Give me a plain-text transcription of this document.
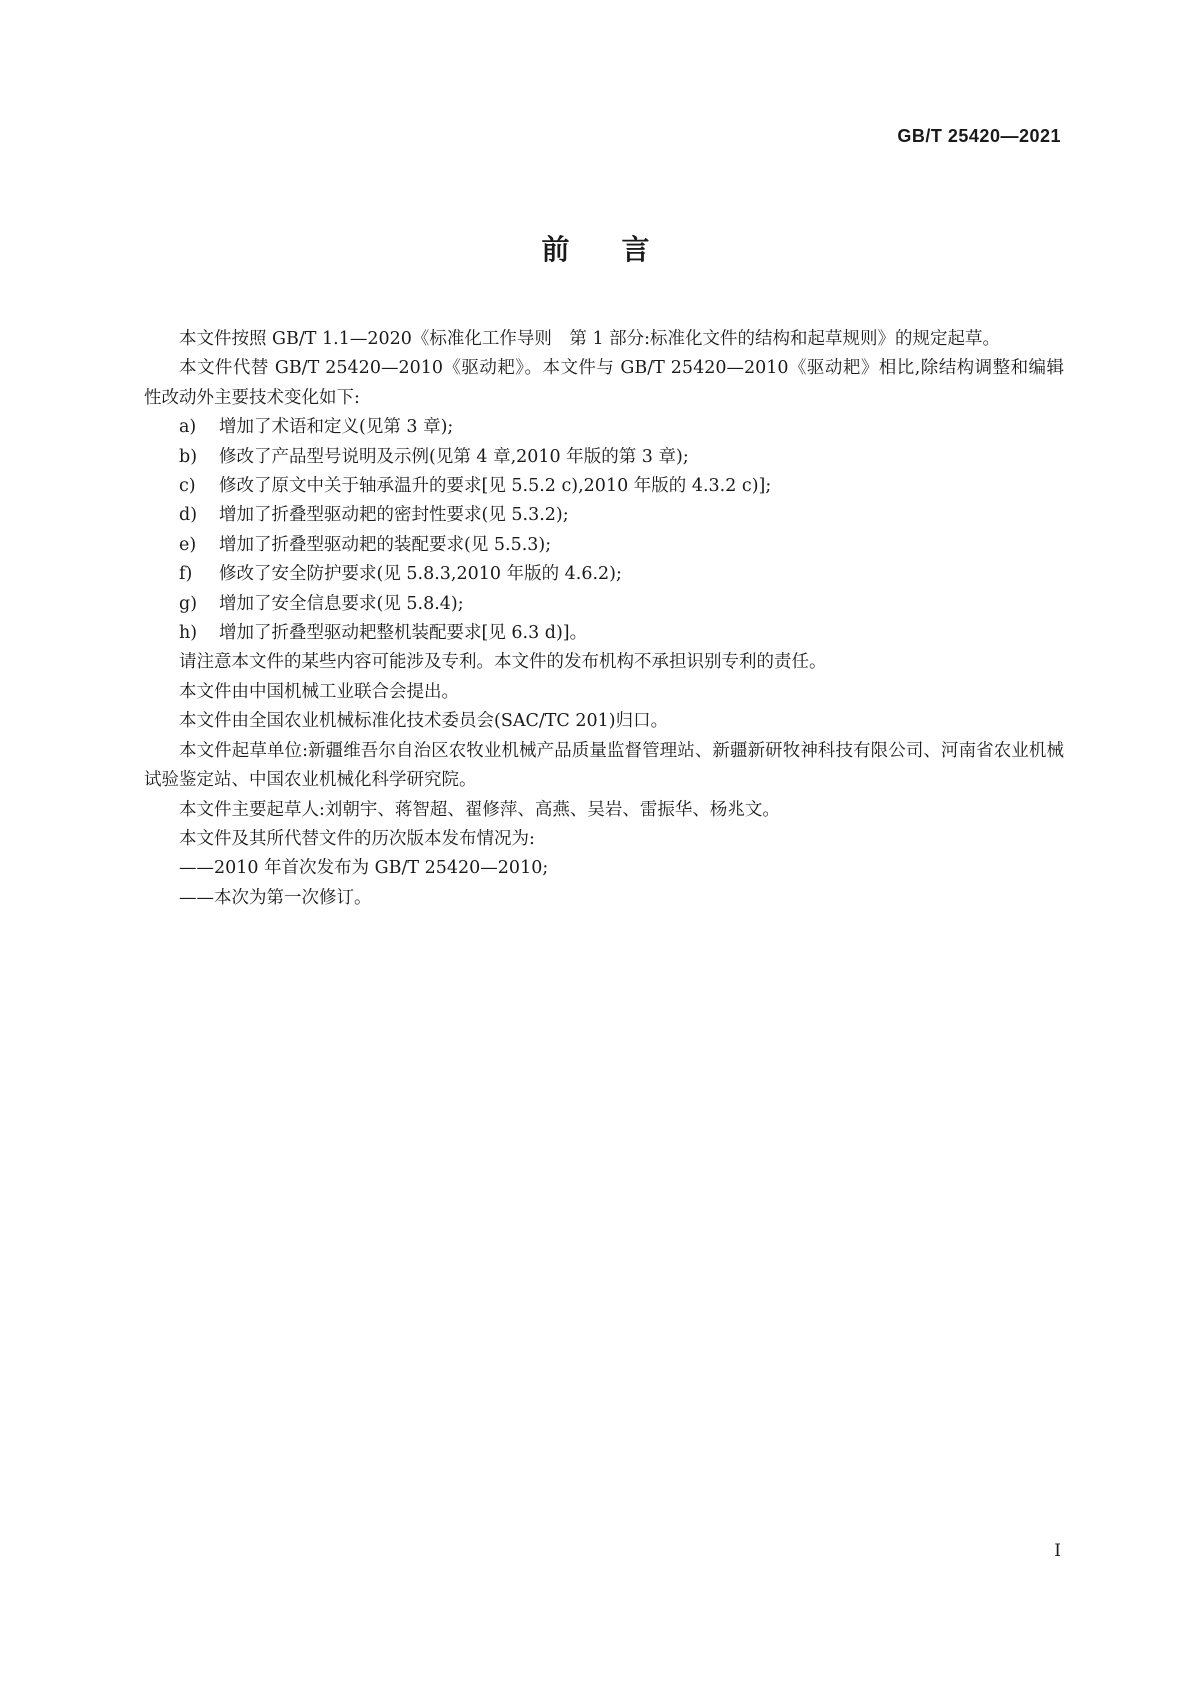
GB/T 25420—2021
前言

本文件按照 GB/T 1.1—2020《标准化工作导则　第 1 部分:标准化文件的结构和起草规则》的规定起草。

本文件代替 GB/T 25420—2010《驱动耙》。本文件与 GB/T 25420—2010《驱动耙》相比,除结构调整和编辑性改动外主要技术变化如下:

a) 增加了术语和定义(见第 3 章);

b) 修改了产品型号说明及示例(见第 4 章,2010 年版的第 3 章);

c) 修改了原文中关于轴承温升的要求[见 5.5.2 c),2010 年版的 4.3.2 c)];

d) 增加了折叠型驱动耙的密封性要求(见 5.3.2);

e) 增加了折叠型驱动耙的装配要求(见 5.5.3);

f) 修改了安全防护要求(见 5.8.3,2010 年版的 4.6.2);

g) 增加了安全信息要求(见 5.8.4);

h) 增加了折叠型驱动耙整机装配要求[见 6.3 d)]。

请注意本文件的某些内容可能涉及专利。本文件的发布机构不承担识别专利的责任。

本文件由中国机械工业联合会提出。

本文件由全国农业机械标准化技术委员会(SAC/TC 201)归口。

本文件起草单位:新疆维吾尔自治区农牧业机械产品质量监督管理站、新疆新研牧神科技有限公司、河南省农业机械试验鉴定站、中国农业机械化科学研究院。

本文件主要起草人:刘朝宇、蒋智超、翟修萍、高燕、吴岩、雷振华、杨兆文。

本文件及其所代替文件的历次版本发布情况为:

——2010 年首次发布为 GB/T 25420—2010;

——本次为第一次修订。

I
